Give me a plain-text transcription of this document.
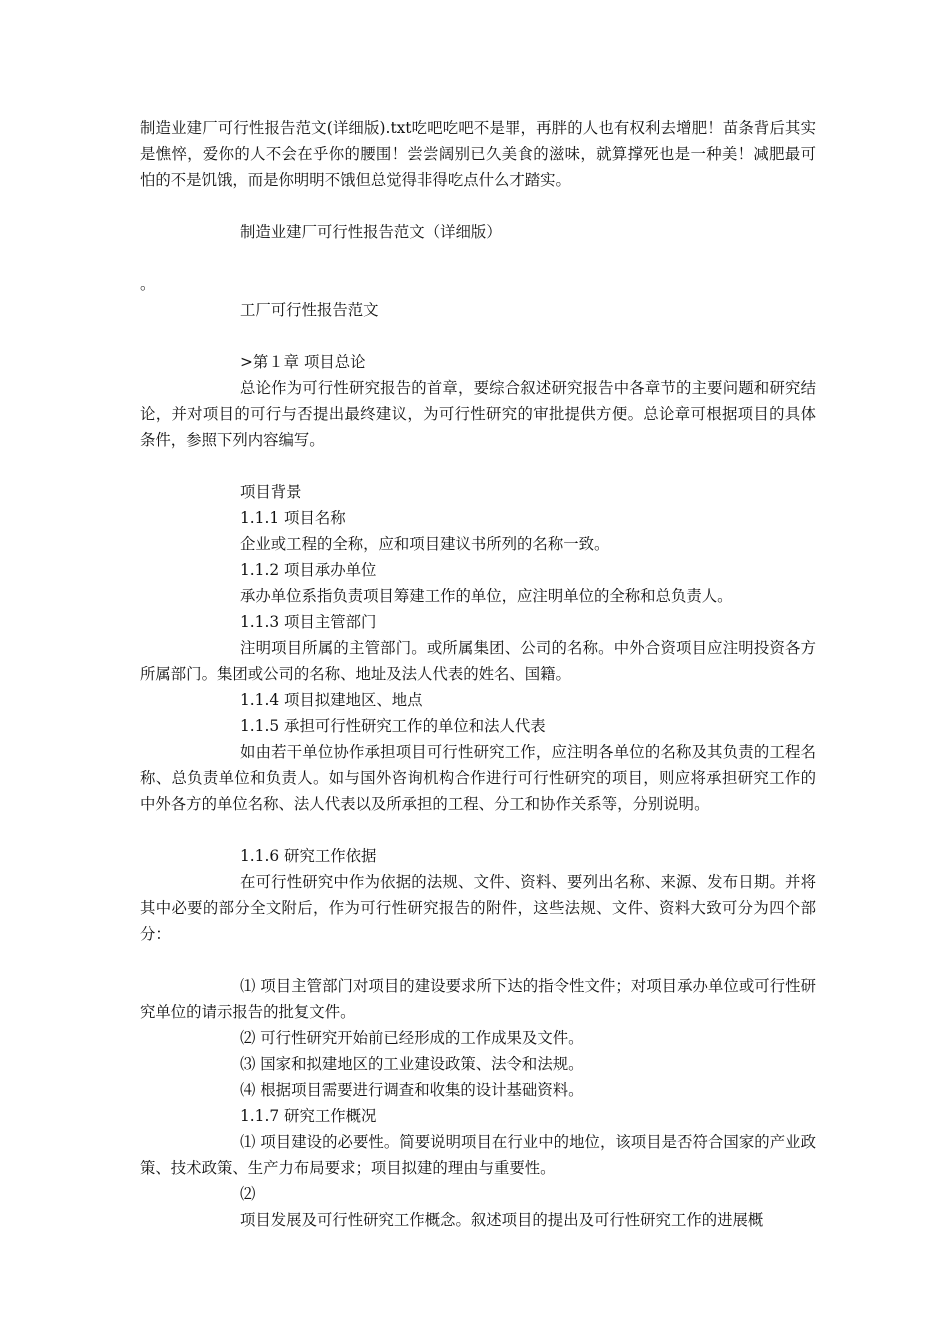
制造业建厂可行性报告范文(详细版).txt吃吧吃吧不是罪，再胖的人也有权利去增肥！苗条背后其实是憔悴，爱你的人不会在乎你的腰围！尝尝阔别已久美食的滋味，就算撑死也是一种美！减肥最可怕的不是饥饿，而是你明明不饿但总觉得非得吃点什么才踏实。

制造业建厂可行性报告范文（详细版）

。

工厂可行性报告范文

>第１章 项目总论

总论作为可行性研究报告的首章，要综合叙述研究报告中各章节的主要问题和研究结论，并对项目的可行与否提出最终建议，为可行性研究的审批提供方便。总论章可根据项目的具体条件，参照下列内容编写。

项目背景

1.1.1 项目名称

企业或工程的全称，应和项目建议书所列的名称一致。

1.1.2 项目承办单位

承办单位系指负责项目筹建工作的单位，应注明单位的全称和总负责人。

1.1.3 项目主管部门

注明项目所属的主管部门。或所属集团、公司的名称。中外合资项目应注明投资各方所属部门。集团或公司的名称、地址及法人代表的姓名、国籍。

1.1.4 项目拟建地区、地点

1.1.5 承担可行性研究工作的单位和法人代表

如由若干单位协作承担项目可行性研究工作，应注明各单位的名称及其负责的工程名称、总负责单位和负责人。如与国外咨询机构合作进行可行性研究的项目，则应将承担研究工作的中外各方的单位名称、法人代表以及所承担的工程、分工和协作关系等，分别说明。

1.1.6 研究工作依据

在可行性研究中作为依据的法规、文件、资料、要列出名称、来源、发布日期。并将其中必要的部分全文附后，作为可行性研究报告的附件，这些法规、文件、资料大致可分为四个部分：

⑴ 项目主管部门对项目的建设要求所下达的指令性文件；对项目承办单位或可行性研究单位的请示报告的批复文件。

⑵ 可行性研究开始前已经形成的工作成果及文件。

⑶ 国家和拟建地区的工业建设政策、法令和法规。

⑷ 根据项目需要进行调查和收集的设计基础资料。

1.1.7 研究工作概况

⑴ 项目建设的必要性。简要说明项目在行业中的地位，该项目是否符合国家的产业政策、技术政策、生产力布局要求；项目拟建的理由与重要性。

⑵

项目发展及可行性研究工作概念。叙述项目的提出及可行性研究工作的进展概
